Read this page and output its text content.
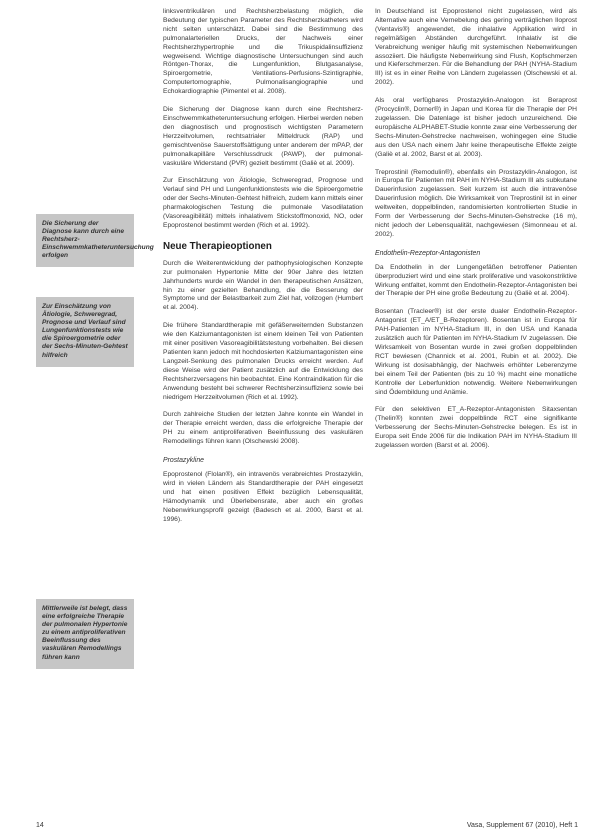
Die Sicherung der Diagnose kann durch eine Rechtsherz-Einschwemmkatheteruntersuchung erfolgen
Zur Einschätzung von Ätiologie, Schweregrad, Prognose und Verlauf sind Lungenfunktionstests wie die Spiroergometrie oder der Sechs-Minuten-Gehtest hilfreich
Mittlerweile ist belegt, dass eine erfolgreiche Therapie der pulmonalen Hypertonie zu einem antiproliferativen Beeinflussung des vaskulären Remodellings führen kann

linksventrikulären und Rechtsherzbelastung möglich, die Bedeutung der typischen Parameter des Rechtsherzkatheters wird nicht selten unterschätzt. Dabei sind die Bestimmung des pulmonalarteriellen Drucks, der Nachweis einer Rechtsherzhypertrophie und die Trikuspidalinsuffizienz wegweisend. Wichtige diagnostische Untersuchungen sind auch Röntgen-Thorax, die Lungenfunktion, Blutgasanalyse, Spiroergometrie, Ventilations-Perfusions-Szintigraphie, Computertomographie, Pulmonalisangiographie und Echokardiographie (Pimentel et al. 2008).

Die Sicherung der Diagnose kann durch eine Rechtsherz-Einschwemmkatheteruntersuchung erfolgen. Hierbei werden neben den diagnostisch und prognostisch wichtigsten Parametern Herzzeitvolumen, rechtsatrialer Mitteldruck (RAP) und gemischtvenöse Sauerstoffsättigung unter anderem der mPAP, der pulmonalkapilläre Verschlussdruck (PAWP), der pulmonal-vaskuläre Widerstand (PVR) gezielt bestimmt (Galiè et al. 2009).

Zur Einschätzung von Ätiologie, Schweregrad, Prognose und Verlauf sind PH und Lungenfunktionstests wie die Spiroergometrie oder der Sechs-Minuten-Gehtest hilfreich, zudem kann mittels einer pharmakologischen Testung die pulmonale Vasodilatation (Vasoreagibilität) mittels inhalativem Stickstoffmonoxid, NO, oder Epoprostenol bestimmt werden (Rich et al. 1992).

Neue Therapieoptionen

Durch die Weiterentwicklung der pathophysiologischen Konzepte zur pulmonalen Hypertonie Mitte der 90er Jahre des letzten Jahrhunderts wurde ein Wandel in den therapeutischen Ansätzen, hin zu einer gezielten Behandlung, die die Besserung der Symptome und der Belastbarkeit zum Ziel hat, vollzogen (Humbert et al. 2004).

Die frühere Standardtherapie mit gefäßerweiternden Substanzen wie den Kalziumantagonisten ist einem kleinen Teil von Patienten mit einer positiven Vasoreagibilitätstestung vorbehalten. Bei diesen Patienten kann jedoch mit hochdosierten Kalziumantagonisten eine Langzeit-Senkung des pulmonalen Drucks erreicht werden. Auf diese Weise wird der Patient zusätzlich auf die Entwicklung des Rechtsherzversagens hin beobachtet. Eine Kontraindikation für die Anwendung besteht bei schwerer Rechtsherzinsuffizienz sowie bei niedrigem Herzzeitvolumen (Rich et al. 1992).

Durch zahlreiche Studien der letzten Jahre konnte ein Wandel in der Therapie erreicht werden, dass die erfolgreiche Therapie der PH zu einem antiproliferativen Beeinflussung des vaskulären Remodellings führen kann (Olschewski 2008).

Prostazykline

Epoprostenol (Flolan®), ein intravenös verabreichtes Prostazyklin, wird in vielen Ländern als Standardtherapie der PAH eingesetzt und hat einen positiven Effekt bezüglich Lebensqualität, Hämodynamik und Überlebensrate, aber auch ein großes Nebenwirkungsprofil gezeigt (Badesch et al. 2000, Barst et al. 1996).

In Deutschland ist Epoprostenol nicht zugelassen, wird als Alternative auch eine Vernebelung des gering verträglichen Iloprost (Ventavis®) angewendet, die inhalative Applikation wird in regelmäßigen Abständen durchgeführt. Inhalativ ist die Verabreichung weniger häufig mit systemischen Nebenwirkungen assoziiert. Die häufigste Nebenwirkung sind Flush, Kopfschmerzen und Kieferschmerzen. Für die Behandlung der PAH (NYHA-Stadium III) ist es in einer Reihe von Ländern zugelassen (Olschewski et al. 2002).

Als oral verfügbares Prostazyklin-Analogon ist Beraprost (Procyclin®, Dorner®) in Japan und Korea für die Therapie der PH zugelassen. Die Datenlage ist bisher jedoch unzureichend. Die europäische ALPHABET-Studie konnte zwar eine Verbesserung der Sechs-Minuten-Gehstrecke nachweisen, wohingegen eine Studie aus den USA nach einem Jahr keine therapeutische Effekte zeigte (Galiè et al. 2002, Barst et al. 2003).

Treprostinil (Remodulin®), ebenfalls ein Prostazyklin-Analogon, ist in Europa für Patienten mit PAH im NYHA-Stadium III als subkutane Dauerinfusion zugelassen. Seit kurzem ist auch die intravenöse Dauerinfusion möglich. Die Wirksamkeit von Treprostinil ist in einer weltweiten, doppelblinden, randomisierten kontrollierten Studie in Form der Verbesserung der Sechs-Minuten-Gehstrecke (16 m), nicht jedoch der Lebensqualität, nachgewiesen (Simonneau et al. 2002).

Endothelin-Rezeptor-Antagonisten

Da Endothelin in der Lungengefäßen betroffener Patienten überproduziert wird und eine stark proliferative und vasokonstriktive Wirkung entfaltet, kommt den Endothelin-Rezeptor-Antagonisten bei der Therapie der PH eine große Bedeutung zu (Galiè et al. 2004).

Bosentan (Tracleer®) ist der erste dualer Endothelin-Rezeptor-Antagonist (ET_A/ET_B-Rezeptoren). Bosentan ist in Europa für PAH-Patienten im NYHA-Stadium III, in den USA und Kanada zusätzlich auch für Patienten im NYHA-Stadium IV zugelassen. Die Wirksamkeit von Bosentan wurde in zwei großen doppelblinden RCT bewiesen (Channick et al. 2001, Rubin et al. 2002). Die Wirkung ist dosisabhängig, der Nachweis erhöhter Leberenzyme bei einem Teil der Patienten (bis zu 10 %) macht eine monatliche Kontrolle der Leberfunktion notwendig. Weitere Nebenwirkungen sind Ödembildung und Anämie.

Für den selektiven ET_A-Rezeptor-Antagonisten Sitaxsentan (Thelin®) konnten zwei doppelblinde RCT eine signifikante Verbesserung der Sechs-Minuten-Gehstrecke belegen. Es ist in Europa seit Ende 2006 für die Indikation PAH im NYHA-Stadium III zugelassen worden (Barst et al. 2006).

14	Vasa, Supplement 67 (2010), Heft 1
